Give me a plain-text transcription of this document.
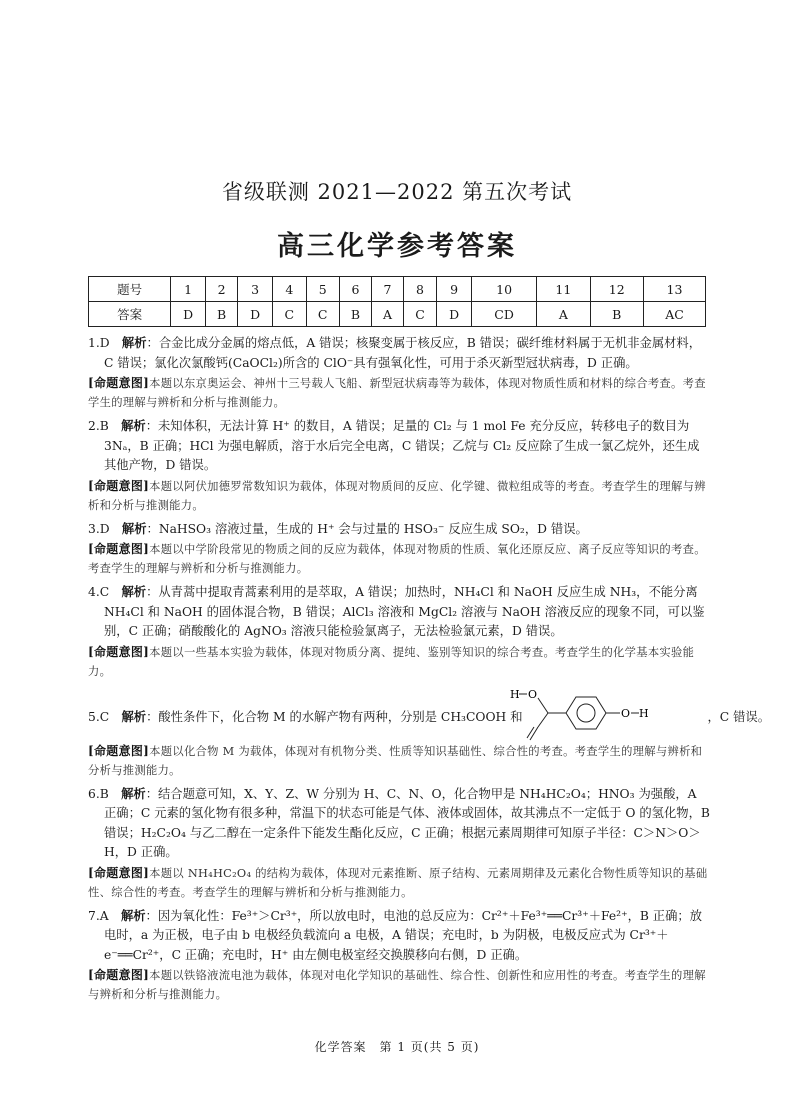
省级联测 2021—2022 第五次考试
高三化学参考答案
题号	1	2	3	4	5	6	7	8	9	10	11	12	13
答案	D	B	D	C	C	B	A	C	D	CD	A	B	AC

1.D　 解析：合金比成分金属的熔点低，A 错误；核聚变属于核反应，B 错误；碳纤维材料属于无机非金属材料，C 错误；氯化次氯酸钙(CaOCl₂)所含的 ClO⁻具有强氧化性，可用于杀灭新型冠状病毒，D 正确。

[命题意图]本题以东京奥运会、神州十三号载人飞船、新型冠状病毒等为载体，体现对物质性质和材料的综合考查。考查学生的理解与辨析和分析与推测能力。

2.B　 解析：未知体积，无法计算 H⁺ 的数目，A 错误；足量的 Cl₂ 与 1 mol Fe 充分反应，转移电子的数目为 3Nₐ，B 正确；HCl 为强电解质，溶于水后完全电离，C 错误；乙烷与 Cl₂ 反应除了生成一氯乙烷外，还生成其他产物，D 错误。

[命题意图]本题以阿伏加德罗常数知识为载体，体现对物质间的反应、化学键、微粒组成等的考查。考查学生的理解与辨析和分析与推测能力。

3.D　 解析：NaHSO₃ 溶液过量，生成的 H⁺ 会与过量的 HSO₃⁻ 反应生成 SO₂，D 错误。

[命题意图]本题以中学阶段常见的物质之间的反应为载体，体现对物质的性质、氧化还原反应、离子反应等知识的考查。考查学生的理解与辨析和分析与推测能力。

4.C　 解析：从青蒿中提取青蒿素利用的是萃取，A 错误；加热时，NH₄Cl 和 NaOH 反应生成 NH₃，不能分离 NH₄Cl 和 NaOH 的固体混合物，B 错误；AlCl₃ 溶液和 MgCl₂ 溶液与 NaOH 溶液反应的现象不同，可以鉴别，C 正确；硝酸酸化的 AgNO₃ 溶液只能检验氯离子，无法检验氯元素，D 错误。

[命题意图]本题以一些基本实验为载体，体现对物质分离、提纯、鉴别等知识的综合考查。考查学生的化学基本实验能力。
5.C　 解析：酸性条件下，化合物 M 的水解产物有两种，分别是 CH₃COOH 和	，C 错误。
H O
O H
[命题意图]本题以化合物 M 为载体，体现对有机物分类、性质等知识基础性、综合性的考查。考查学生的理解与辨析和分析与推测能力。

6.B　 解析：结合题意可知，X、Y、Z、W 分别为 H、C、N、O，化合物甲是 NH₄HC₂O₄；HNO₃ 为强酸，A 正确；C 元素的氢化物有很多种，常温下的状态可能是气体、液体或固体，故其沸点不一定低于 O 的氢化物，B 错误；H₂C₂O₄ 与乙二醇在一定条件下能发生酯化反应，C 正确；根据元素周期律可知原子半径：C＞N＞O＞H，D 正确。

[命题意图]本题以 NH₄HC₂O₄ 的结构为载体，体现对元素推断、原子结构、元素周期律及元素化合物性质等知识的基础性、综合性的考查。考查学生的理解与辨析和分析与推测能力。

7.A　 解析：因为氧化性：Fe³⁺＞Cr³⁺，所以放电时，电池的总反应为：Cr²⁺＋Fe³⁺══Cr³⁺＋Fe²⁺，B 正确；放电时，a 为正极，电子由 b 电极经负载流向 a 电极，A 错误；充电时，b 为阴极，电极反应式为 Cr³⁺＋e⁻══Cr²⁺，C 正确；充电时，H⁺ 由左侧电极室经交换膜移向右侧，D 正确。

[命题意图]本题以铁铬液流电池为载体，体现对电化学知识的基础性、综合性、创新性和应用性的考查。考查学生的理解与辨析和分析与推测能力。
化学答案　第 1 页(共 5 页)
